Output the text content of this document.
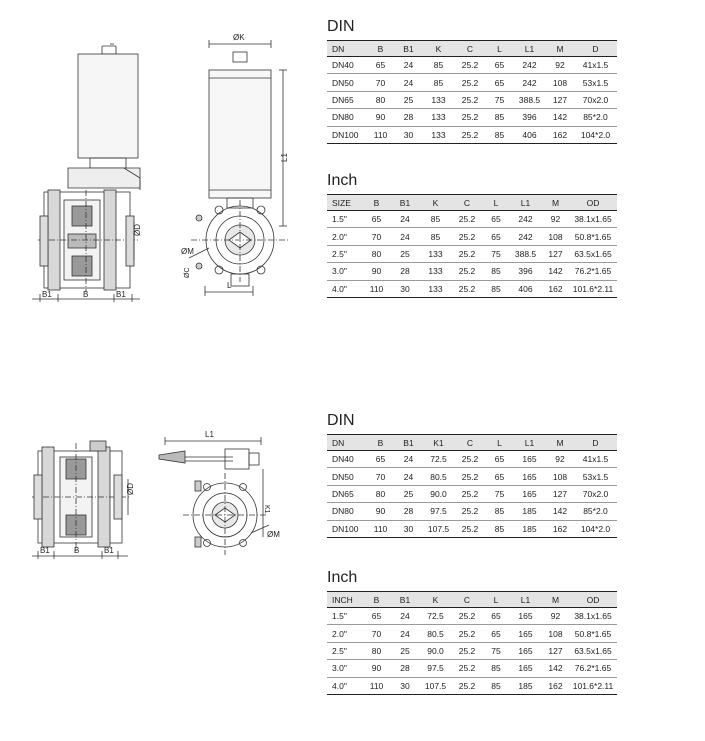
B1	B	B1
ØD
ØK
L1
ØM
ØC
L
DIN
DN	B	B1	K	C	L	L1	M	D
DN40	65	24	85	25.2	65	242	92	41x1.5
DN50	70	24	85	25.2	65	242	108	53x1.5
DN65	80	25	133	25.2	75	388.5	127	70x2.0
DN80	90	28	133	25.2	85	396	142	85*2.0
DN100	110	30	133	25.2	85	406	162	104*2.0
Inch
SIZE	B	B1	K	C	L	L1	M	OD
1.5"	65	24	85	25.2	65	242	92	38.1x1.65
2.0"	70	24	85	25.2	65	242	108	50.8*1.65
2.5"	80	25	133	25.2	75	388.5	127	63.5x1.65
3.0"	90	28	133	25.2	85	396	142	76.2*1.65
4.0"	110	30	133	25.2	85	406	162	101.6*2.11
B1	B	B1
ØD
L1
K1
ØM
DIN
DN	B	B1	K1	C	L	L1	M	D
DN40	65	24	72.5	25.2	65	165	92	41x1.5
DN50	70	24	80.5	25.2	65	165	108	53x1.5
DN65	80	25	90.0	25.2	75	165	127	70x2.0
DN80	90	28	97.5	25.2	85	185	142	85*2.0
DN100	110	30	107.5	25.2	85	185	162	104*2.0
Inch
INCH	B	B1	K	C	L	L1	M	OD
1.5"	65	24	72.5	25.2	65	165	92	38.1x1.65
2.0"	70	24	80.5	25.2	65	165	108	50.8*1.65
2.5"	80	25	90.0	25.2	75	165	127	63.5x1.65
3.0"	90	28	97.5	25.2	85	165	142	76.2*1.65
4.0"	110	30	107.5	25.2	85	185	162	101.6*2.11
